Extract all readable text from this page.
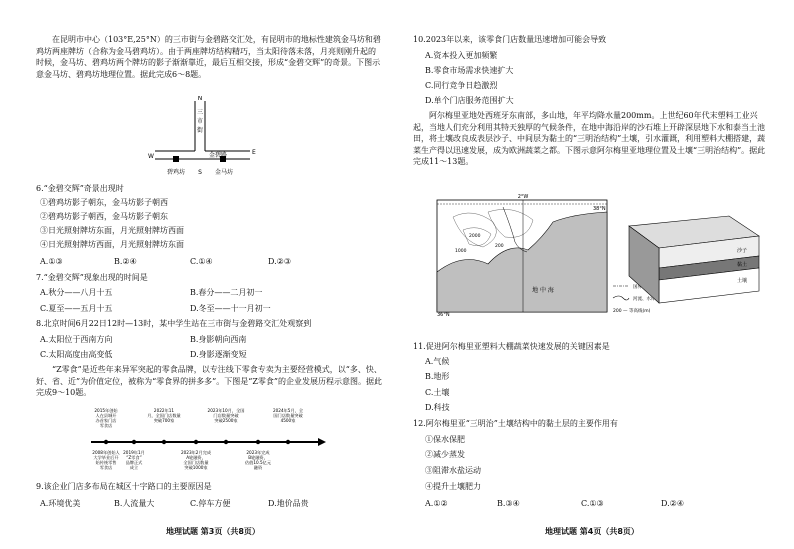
在昆明市中心（103°E,25°N）的三市街与金碧路交汇处，有昆明市的地标性建筑金马坊和碧鸡坊两座牌坊（合称为金马碧鸡坊）。由于两座牌坊结构精巧，当太阳待落未落，月亮则刚升起的时候，金马坊、碧鸡坊两个牌坊的影子渐渐靠近，最后互相交接，形成“金碧交辉”的奇景。下图示意金马坊、碧鸡坊地理位置。据此完成6～8题。
N
三
市
街
金碧路
W
E
S
碧鸡坊	金马坊
6.“金碧交辉”奇景出现时
①碧鸡坊影子朝东，金马坊影子朝西
②碧鸡坊影子朝西，金马坊影子朝东
③日光照射牌坊东面，月光照射牌坊西面
④日光照射牌坊西面，月光照射牌坊东面
A.①③	B.②④	C.①④	D.②③
7.“金碧交辉”现象出现的时间是
A.秋分——八月十五	B.春分——二月初一
C.夏至——五月十五	D.冬至——十一月初一
8.北京时间6月22日12时—13时，某中学生站在三市街与金碧路交汇处观察到
A.太阳位于西南方向	B.身影朝向西南
C.太阳高度由高变低	D.身影逐渐变短
“Z零食”是近些年来异军突起的零食品牌，以专注线下零食专卖为主要经营模式，以“多、快、好、省、近”为价值定位，被称为“零食界的拼多多”。下图是“Z零食”的企业发展历程示意图。据此完成9～10题。
2015年创始
人在县城开
办首家门店
零食店
2022年11
月，全国门店数量
突破700家
2023年10月，全国
门店数量突破
突破2500家
2024年5月，全
国门店数量突破
4500家
2008年创始人
大学毕业后开
始传统零售
零食店
2019年1月
“Z零食”
品牌正式
成立
2023年2月完成
A轮融资，
全国门店数量
突破1000家
2023年完成
B轮融资，
估值10.5亿元
融资
9.该企业门店多布局在城区十字路口的主要原因是
A.环境优美	B.人流量大	C.停车方便	D.地价品贵
地理试题 第3页（共8页）
10.2023年以来，该零食门店数量迅速增加可能会导致
A.资本投入更加频繁
B.零食市场需求快速扩大
C.同行竞争日趋激烈
D.单个门店服务范围扩大
阿尔梅里亚地处西班牙东南部，多山地，年平均降水量200mm。上世纪60年代末塑料工业兴起，当地人们充分利用其特天独厚的气候条件，在地中海沿岸的沙石堆上开辟深层地下水和泰当土池田，将土壤改良成表层沙子、中间层为黏土的“三明治结构”土壤，引水灌溉，利用塑料大棚搭建，蔬菜生产得以迅速发展，成为欧洲蔬菜之都。下图示意阿尔梅里亚地理位置及土壤“三明治结构”。据此完成11～13题。
2°W
38°N
36°N
1000
2000
200
地 中 海	国界
河流、水库
200 — 等高线(m)
沙子
黏土
土壤
11.促进阿尔梅里亚塑料大棚蔬菜快速发展的关键因素是
A.气候
B.地形
C.土壤
D.科技
12.阿尔梅里亚“三明治”土壤结构中的黏土层的主要作用有
①保水保肥
②减少蒸发
③阻滞水盐运动
④提升土壤肥力
A.①②	B.③④	C.①③	D.②④
地理试题 第4页（共8页）
